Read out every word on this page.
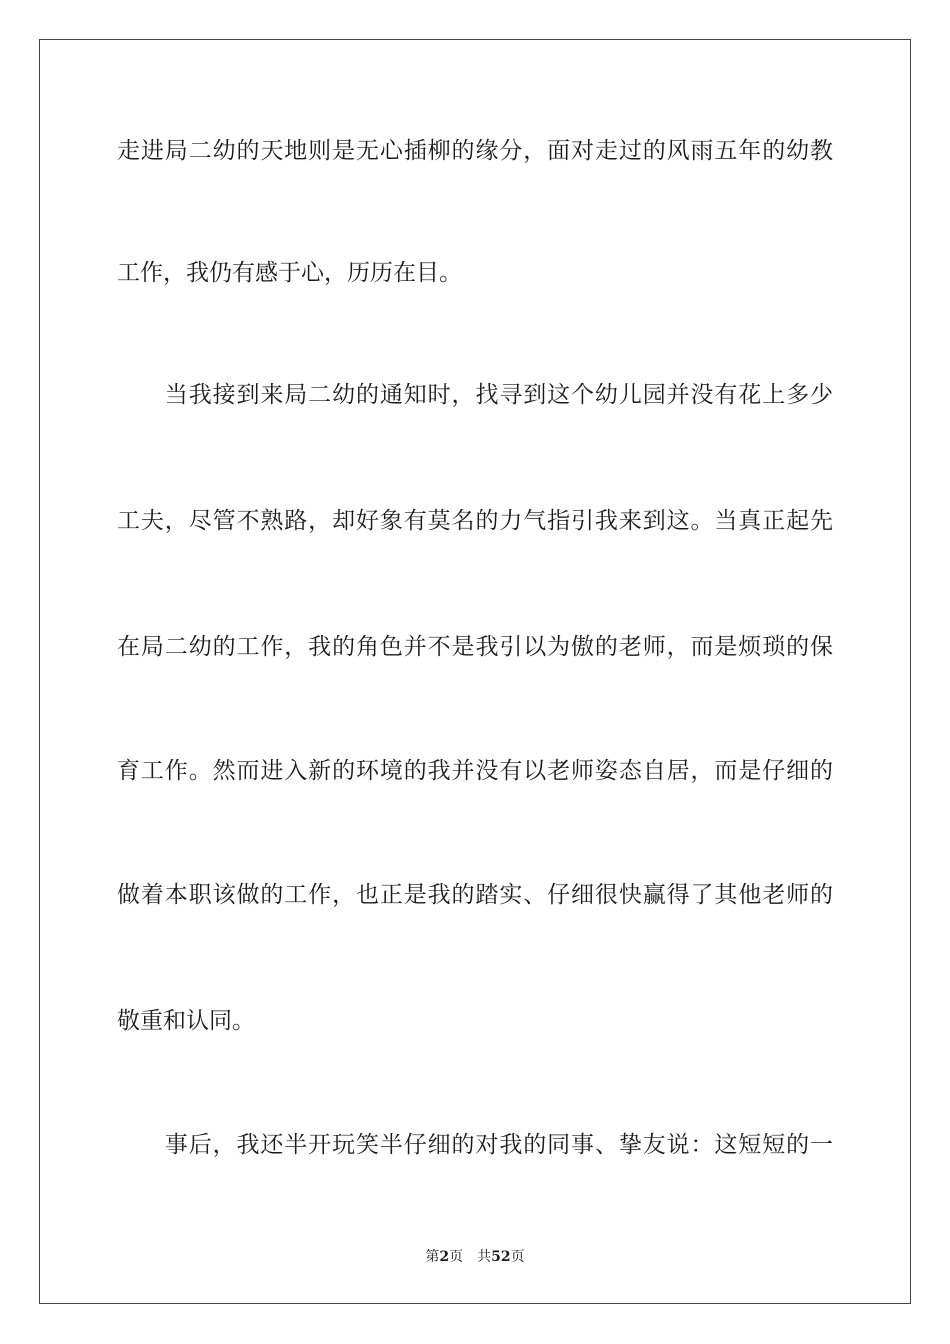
走进局二幼的天地则是无心插柳的缘分，面对走过的风雨五年的幼教
工作，我仍有感于心，历历在目。
　　当我接到来局二幼的通知时，找寻到这个幼儿园并没有花上多少
工夫，尽管不熟路，却好象有莫名的力气指引我来到这。当真正起先
在局二幼的工作，我的角色并不是我引以为傲的老师，而是烦琐的保
育工作。然而进入新的环境的我并没有以老师姿态自居，而是仔细的
做着本职该做的工作，也正是我的踏实、仔细很快赢得了其他老师的
敬重和认同。
　　事后，我还半开玩笑半仔细的对我的同事、挚友说：这短短的一
第2页 共52页
